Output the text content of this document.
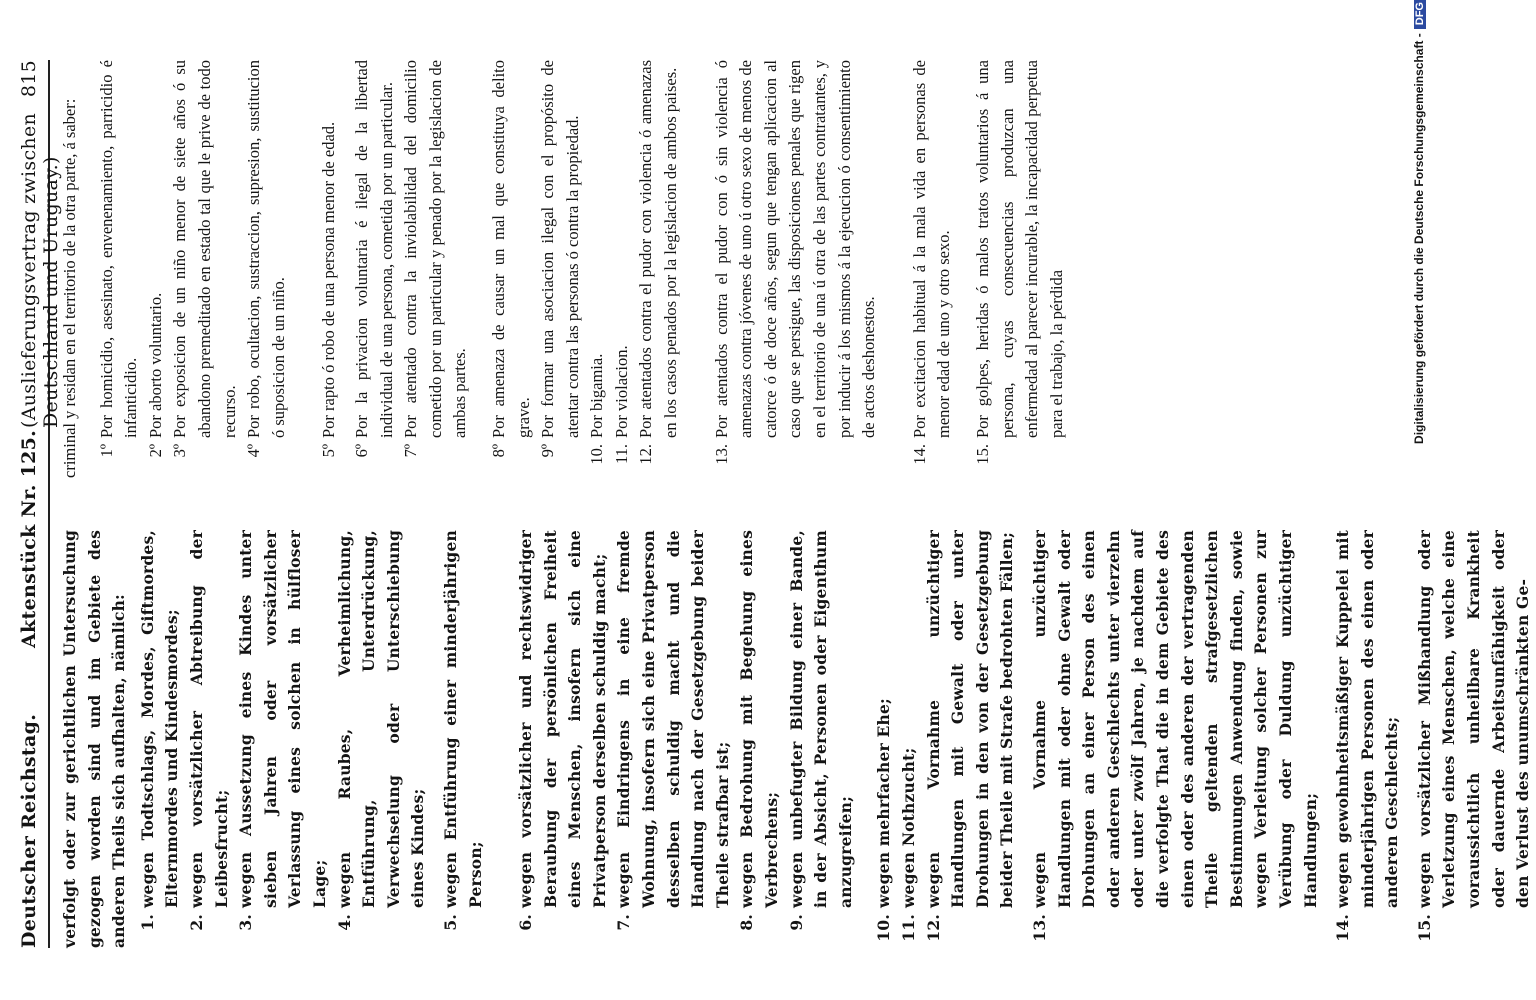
Deutscher Reichstag.
Aktenstück Nr. 125.
(Auslieferungsvertrag zwischen Deutschland und Uruguay.)
815

verfolgt oder zur gerichtlichen Untersuchung gezogen worden sind und im Gebiete des anderen Theils sich aufhalten, nämlich: 1.
wegen Todtschlags, Mordes, Giftmordes, Elternmordes und Kindesmordes;
2.
wegen vorsätzlicher Abtreibung der Leibesfrucht;
3.
wegen Aussetzung eines Kindes unter sieben Jahren oder vorsätzlicher Verlassung eines solchen in hülfloser Lage;
4.
wegen Raubes, Verheimlichung, Entführung, Unterdrückung, Verwechselung oder Unterschiebung eines Kindes;
5.
wegen Entführung einer minderjährigen Person;
6.
wegen vorsätzlicher und rechtswidriger Beraubung der persönlichen Freiheit eines Menschen, insofern sich eine Privatperson derselben schuldig macht;
7.
wegen Eindringens in eine fremde Wohnung, insofern sich eine Privatperson desselben schuldig macht und die Handlung nach der Gesetzgebung beider Theile strafbar ist;
8.
wegen Bedrohung mit Begehung eines Verbrechens;
9.
wegen unbefugter Bildung einer Bande, in der Absicht, Personen oder Eigenthum anzugreifen;
10.
wegen mehrfacher Ehe;
11.
wegen Nothzucht;
12.
wegen Vornahme unzüchtiger Handlungen mit Gewalt oder unter Drohungen in den von der Gesetzgebung beider Theile mit Strafe bedrohten Fällen;
13.
wegen Vornahme unzüchtiger Handlungen mit oder ohne Gewalt oder Drohungen an einer Person des einen oder anderen Geschlechts unter vierzehn oder unter zwölf Jahren, je nachdem auf die verfolgte That die in dem Gebiete des einen oder des anderen der vertragenden Theile geltenden strafgesetzlichen Bestimmungen Anwendung finden, sowie wegen Verleitung solcher Personen zur Verübung oder Duldung unzüchtiger Handlungen;
14.
wegen gewohnheitsmäßiger Kuppelei mit minderjährigen Personen des einen oder anderen Geschlechts;
15.
wegen vorsätzlicher Mißhandlung oder Verletzung eines Menschen, welche eine voraussichtlich unheilbare Krankheit oder dauernde Arbeitsunfähigkeit oder den Verlust des unumschränkten Ge-

criminal y residan en el territorio de la otra parte, á saber: 1º
Por homicidio, asesinato, envenenamiento, parricidio é infanticidio.
2º
Por aborto voluntario.
3º
Por exposicion de un niño menor de siete años ó su abandono premeditado en estado tal que le prive de todo recurso.
4º
Por robo, ocultacion, sustraccion, supresion, sustitucion ó suposicion de un niño.
5º
Por rapto ó robo de una persona menor de edad.
6º
Por la privacion voluntaria é ilegal de la libertad individual de una persona, cometida por un particular.
7º
Por atentado contra la inviolabilidad del domicilio cometido por un particular y penado por la legislacion de ambas partes.
8º
Por amenaza de causar un mal que constituya delito grave.
9º
Por formar una asociacion ilegal con el propósito de atentar contra las personas ó contra la propiedad.
10.
Por bigamia.
11.
Por violacion.
12.
Por atentados contra el pudor con violencia ó amenazas en los casos penados por la legislacion de ambos paises.
13.
Por atentados contra el pudor con ó sin violencia ó amenazas contra jóvenes de uno ú otro sexo de menos de catorce ó de doce años, segun que tengan aplicacion al caso que se persigue, las disposiciones penales que rigen en el territorio de una ú otra de las partes contratantes, y por inducir á los mismos á la ejecucion ó consentimiento de actos deshonestos.
14.
Por excitacion habitual á la mala vida en personas de menor edad de uno y otro sexo.
15.
Por golpes, heridas ó malos tratos voluntarios á una persona, cuyas consecuencias produzcan una enfermedad al parecer incurable, la incapacidad perpetua para el trabajo, la pérdida	Digitalisierung gefördert durch die Deutsche Forschungsgemeinschaft -DFG
